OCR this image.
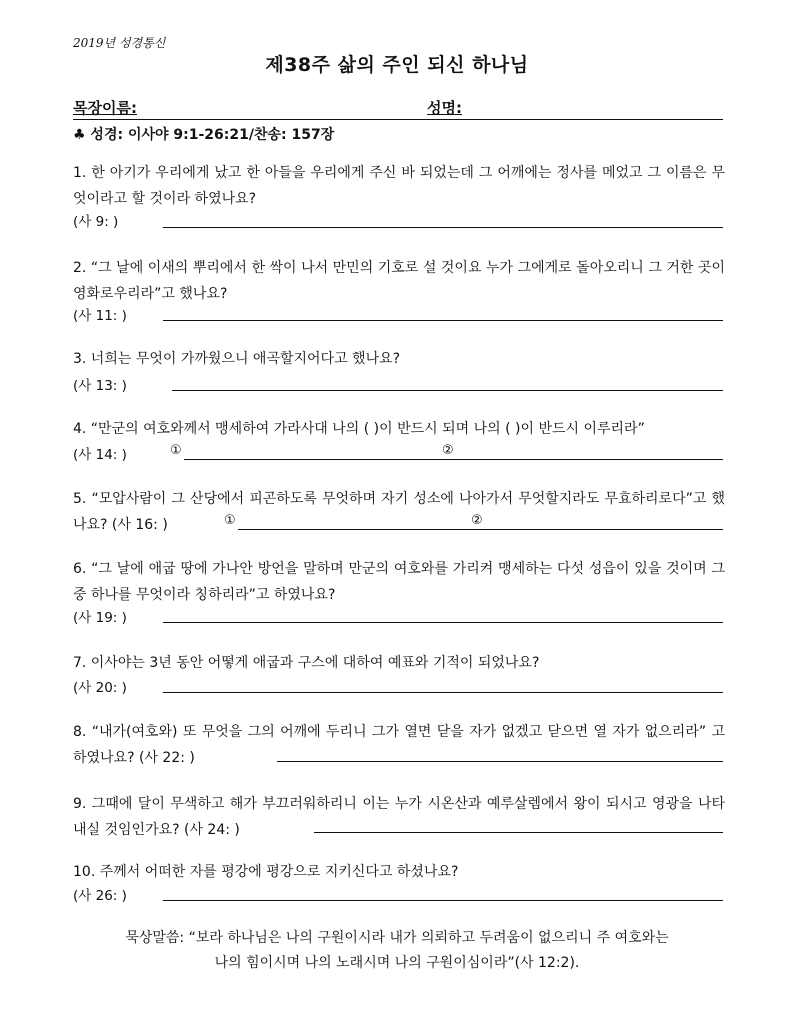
2019년 성경통신
제38주 삶의 주인 되신 하나님
목장이름:	성명:
♣ 성경: 이사야 9:1-26:21/찬송: 157장
1. 한 아기가 우리에게 났고 한 아들을 우리에게 주신 바 되었는데 그 어깨에는 정사를 메었고 그 이름은 무엇이라고 할 것이라 하였나요?
(사 9: )
2. “그 날에 이새의 뿌리에서 한 싹이 나서 만민의 기호로 설 것이요 누가 그에게로 돌아오리니 그 거한 곳이 영화로우리라”고 했나요?
(사 11: )
3. 너희는 무엇이 가까웠으니 애곡할지어다고 했나요?
(사 13: )
4. “만군의 여호와께서 맹세하여 가라사대 나의 ( )이 반드시 되며 나의 ( )이 반드시 이루리라”
(사 14: )	①	②
5. “모압사람이 그 산당에서 피곤하도록 무엇하며 자기 성소에 나아가서 무엇할지라도 무효하리로다”고 했나요? (사 16: )	①	②
6. “그 날에 애굽 땅에 가나안 방언을 말하며 만군의 여호와를 가리켜 맹세하는 다섯 성읍이 있을 것이며 그 중 하나를 무엇이라 칭하리라”고 하였나요?
(사 19: )
7. 이사야는 3년 동안 어떻게 애굽과 구스에 대하여 예표와 기적이 되었나요?
(사 20: )
8. “내가(여호와) 또 무엇을 그의 어깨에 두리니 그가 열면 닫을 자가 없겠고 닫으면 열 자가 없으리라” 고 하였나요? (사 22: )
9. 그때에 달이 무색하고 해가 부끄러워하리니 이는 누가 시온산과 예루살렘에서 왕이 되시고 영광을 나타내실 것임인가요? (사 24: )
10. 주께서 어떠한 자를 평강에 평강으로 지키신다고 하셨나요?
(사 26: )
묵상말씀: “보라 하나님은 나의 구원이시라 내가 의뢰하고 두려움이 없으리니 주 여호와는
나의 힘이시며 나의 노래시며 나의 구원이심이라”(사 12:2).
